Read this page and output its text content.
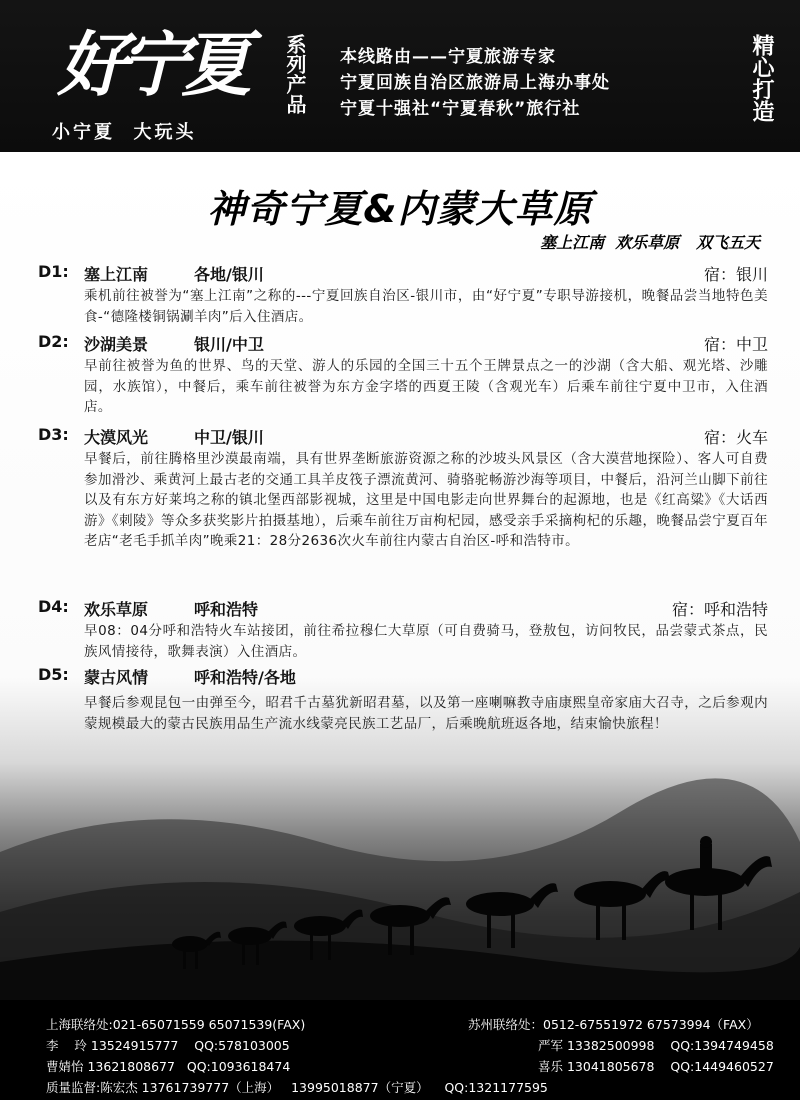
好宁夏
小宁夏  大玩头
系列产品 本线路由——宁夏旅游专家
宁夏回族自治区旅游局上海办事处
宁夏十强社“宁夏春秋”旅行社	精心打造
神奇宁夏&内蒙大草原
塞上江南  欢乐草原   双飞五天
D1: 塞上江南	各地/银川	宿：银川
乘机前往被誉为“塞上江南”之称的---宁夏回族自治区-银川市，由“好宁夏”专职导游接机，晚餐品尝当地特色美食-“德隆楼铜锅涮羊肉”后入住酒店。
D2: 沙湖美景	银川/中卫	宿：中卫
早前往被誉为鱼的世界、鸟的天堂、游人的乐园的全国三十五个王牌景点之一的沙湖（含大船、观光塔、沙雕园，水族馆），中餐后，乘车前往被誉为东方金字塔的西夏王陵（含观光车）后乘车前往宁夏中卫市，入住酒店。
D3: 大漠风光	中卫/银川	宿：火车
早餐后，前往腾格里沙漠最南端，具有世界垄断旅游资源之称的沙坡头风景区（含大漠营地探险）、客人可自费参加滑沙、乘黄河上最古老的交通工具羊皮筏子漂流黄河、骑骆驼畅游沙海等项目，中餐后，沿河兰山脚下前往以及有东方好莱坞之称的镇北堡西部影视城，这里是中国电影走向世界舞台的起源地，也是《红高粱》《大话西游》《刺陵》等众多获奖影片拍摄基地），后乘车前往万亩枸杞园，感受亲手采摘枸杞的乐趣，晚餐品尝宁夏百年老店“老毛手抓羊肉”晚乘21：28分2636次火车前往内蒙古自治区-呼和浩特市。
D4: 欢乐草原	呼和浩特	宿：呼和浩特
早08：04分呼和浩特火车站接团，前往希拉穆仁大草原（可自费骑马，登敖包，访问牧民，品尝蒙式茶点，民族风情接待，歌舞表演）入住酒店。
D5: 蒙古风情	呼和浩特/各地
早餐后参观昆包一由弹至今，昭君千古墓犹新昭君墓，以及第一座喇嘛教寺庙康熙皇帝家庙大召寺，之后参观内蒙规模最大的蒙古民族用品生产流水线蒙亮民族工艺品厂，后乘晚航班返各地，结束愉快旅程！
上海联络处:021-65071559 65071539(FAX)	苏州联络处：0512-67551972 67573994（FAX）
李    玲 13524915777    QQ:578103005	严军 13382500998    QQ:1394749458
曹婧怡 13621808677   QQ:1093618474	喜乐 13041805678    QQ:1449460527
质量监督:陈宏杰 13761739777（上海）   13995018877（宁夏）    QQ:1321177595
